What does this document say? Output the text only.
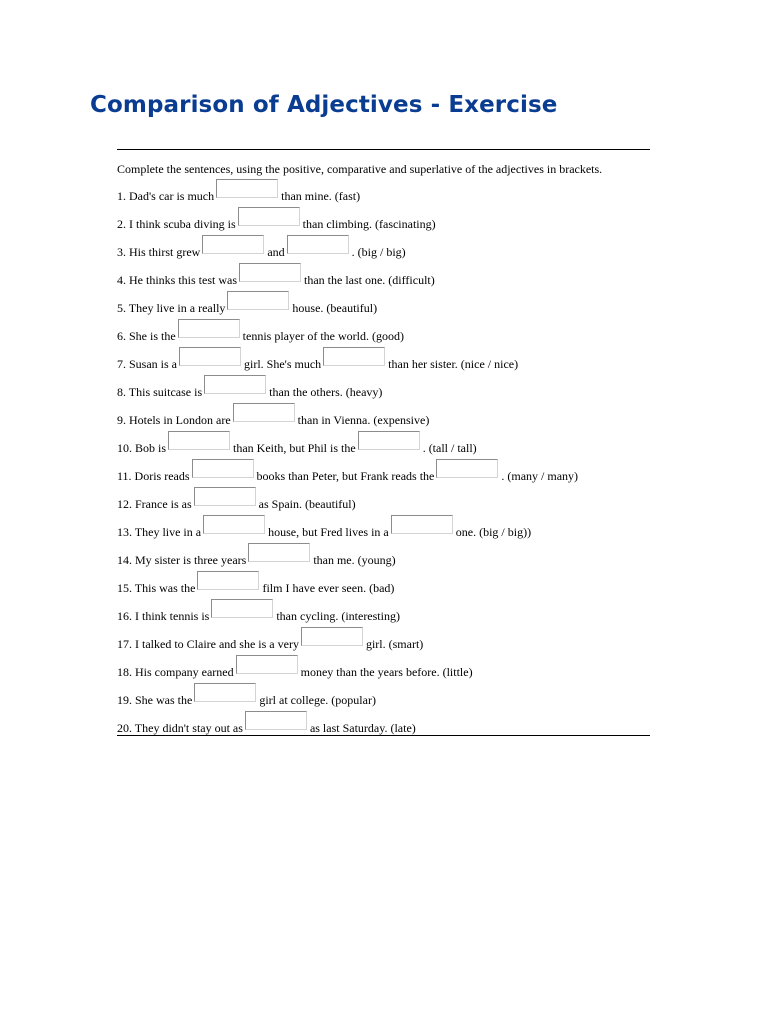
Comparison of Adjectives - Exercise
Complete the sentences, using the positive, comparative and superlative of the adjectives in brackets.
1. Dad's car is much	than mine. (fast)
2. I think scuba diving is	than climbing. (fascinating)
3. His thirst grew	and	. (big / big)
4. He thinks this test was	than the last one. (difficult)
5. They live in a really	house. (beautiful)
6. She is the	tennis player of the world. (good)
7. Susan is a	girl. She's much	than her sister. (nice / nice)
8. This suitcase is	than the others. (heavy)
9. Hotels in London are	than in Vienna. (expensive)
10. Bob is	than Keith, but Phil is the	. (tall / tall)
11. Doris reads	books than Peter, but Frank reads the	. (many / many)
12. France is as	as Spain. (beautiful)
13. They live in a	house, but Fred lives in a	one. (big / big))
14. My sister is three years	than me. (young)
15. This was the	film I have ever seen. (bad)
16. I think tennis is	than cycling. (interesting)
17. I talked to Claire and she is a very	girl. (smart)
18. His company earned	money than the years before. (little)
19. She was the	girl at college. (popular)
20. They didn't stay out as	as last Saturday. (late)
